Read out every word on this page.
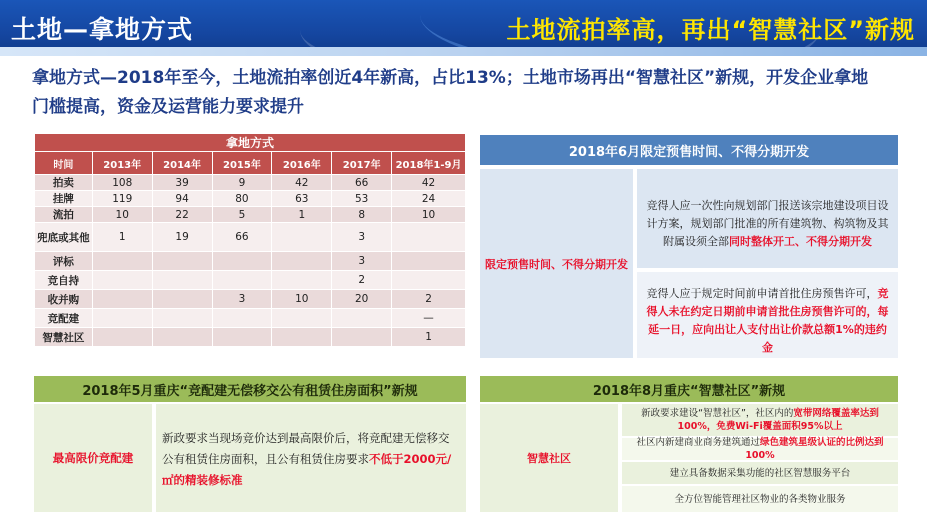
土地—拿地方式	土地流拍率高，再出“智慧社区”新规
拿地方式—2018年至今，土地流拍率创近4年新高，占比13%；土地市场再出“智慧社区”新规，开发企业拿地
门槛提高，资金及运营能力要求提升
拿地方式						
时间	2013年	2014年	2015年	2016年	2017年	2018年1-9月
拍卖	108	39	9	42	66	42
挂牌	119	94	80	63	53	24
流拍	10	22	5	1	8	10
兜底或其他	1	19	66		3	
评标					3	
竞自持					2	
收并购			3	10	20	2
竞配建						—
智慧社区						1
2018年6月限定预售时间、不得分期开发
限定预售时间、不得分期开发
竞得人应一次性向规划部门报送该宗地建设项目设计方案，规划部门批准的所有建筑物、构筑物及其附属设须全部同时整体开工、不得分期开发
竞得人应于规定时间前申请首批住房预售许可，竞得人未在约定日期前申请首批住房预售许可的，每延一日，应向出让人支付出让价款总额1%的违约金
2018年5月重庆“竞配建无偿移交公有租赁住房面积”新规
最高限价竞配建
新政要求当现场竞价达到最高限价后，将竞配建无偿移交公有租赁住房面积，且公有租赁住房要求不低于2000元/㎡的精装修标准
2018年8月重庆“智慧社区”新规
智慧社区
新政要求建设“智慧社区”，社区内的宽带网络覆盖率达到100%，免费Wi-Fi覆盖面积95%以上
社区内新建商业商务建筑通过绿色建筑星级认证的比例达到100%
建立具备数据采集功能的社区智慧服务平台
全方位智能管理社区物业的各类物业服务
